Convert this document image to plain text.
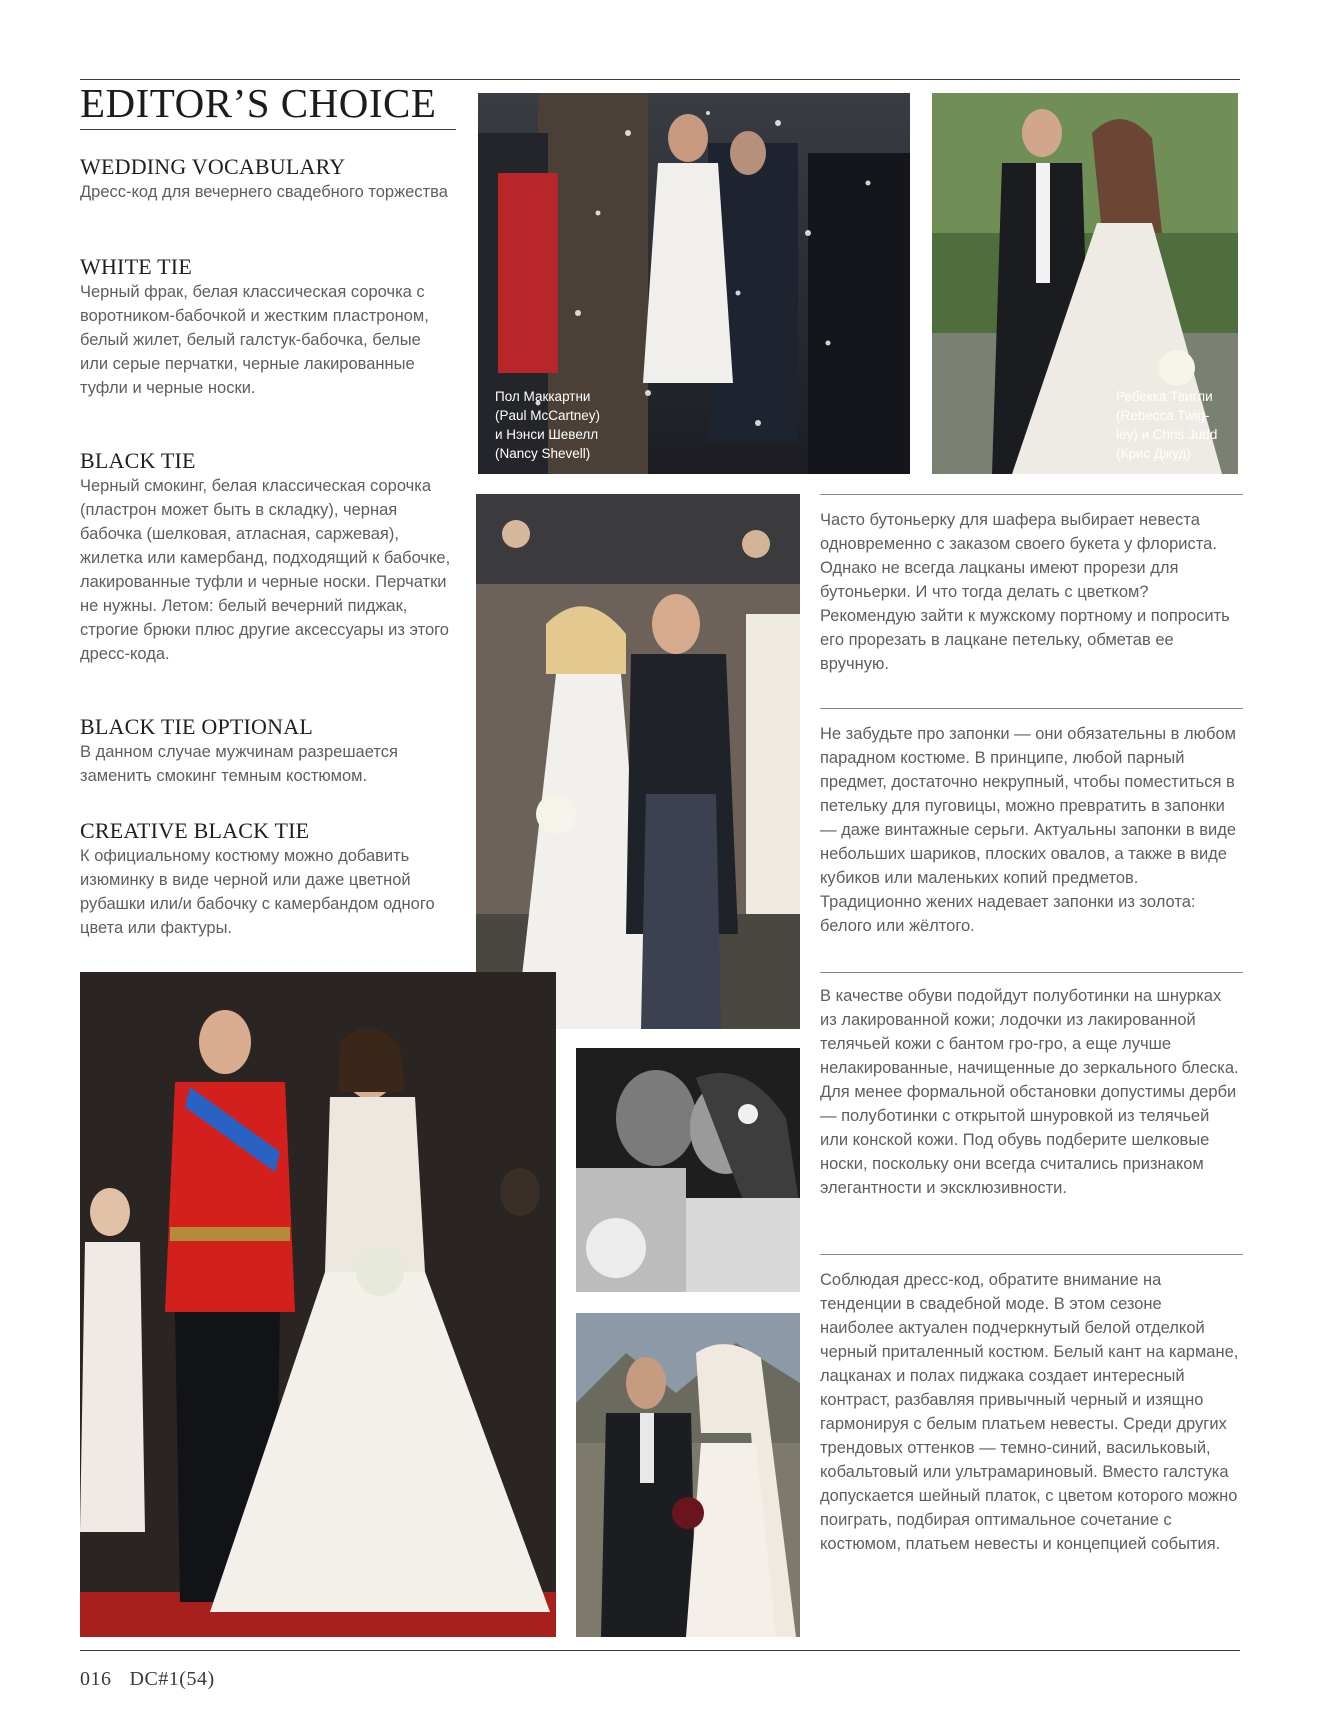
EDITOR’S CHOICE
WEDDING VOCABULARY

Дресс-код для вечернего свадебного торжества

WHITE TIE

Черный фрак, белая классическая сорочка с воротником-бабочкой и жестким пластроном, белый жилет, белый галстук-бабочка, белые или серые перчатки, черные лакированные туфли и черные носки.

BLACK TIE

Черный смокинг, белая классическая сорочка (пластрон может быть в складку), черная бабочка (шелковая, атласная, саржевая), жилетка или камербанд, подходящий к бабочке, лакированные туфли и черные носки. Перчатки не нужны. Летом: белый вечерний пиджак, строгие брюки плюс другие аксессуары из этого дресс-кода.

BLACK TIE OPTIONAL

В данном случае мужчинам разрешается заменить смокинг темным костюмом.

CREATIVE BLACK TIE

К официальному костюму можно добавить изюминку в виде черной или даже цветной рубашки или/и бабочку с камербандом одного цвета или фактуры.

Пол Маккартни
(Paul McCartney)
и Нэнси Шевелл
(Nancy Shevell)
Ребекка Твигли
(Rebecca Twig-
ley) и Chris Judd
(Крис Джуд)

Часто бутоньерку для шафера выбирает невеста одновременно с заказом своего букета у флориста. Однако не всегда лацканы имеют прорези для бутоньерки. И что тогда делать с цветком? Рекомендую зайти к мужскому портному и попросить его прорезать в лацкане петельку, обметав ее вручную.

Не забудьте про запонки — они обязательны в любом парадном костюме. В принципе, любой парный предмет, достаточно некрупный, чтобы поместиться в петельку для пуговицы, можно превратить в запонки — даже винтажные серьги. Актуальны запонки в виде небольших шариков, плоских овалов, а также в виде кубиков или маленьких копий предметов. Традиционно жених надевает запонки из золота: белого или жёлтого.

В качестве обуви подойдут полуботинки на шнурках из лакированной кожи; лодочки из лакированной телячьей кожи с бантом гро-гро, а еще лучше нелакированные, начищенные до зеркального блеска. Для менее формальной обстановки допустимы дерби — полуботинки с открытой шнуровкой из телячьей или конской кожи. Под обувь подберите шелковые носки, поскольку они всегда считались признаком элегантности и эксклюзивности.

Соблюдая дресс-код, обратите внимание на тенденции в свадебной моде. В этом сезоне наиболее актуален подчеркнутый белой отделкой черный приталенный костюм. Белый кант на кармане, лацканах и полах пиджака создает интересный контраст, разбавляя привычный черный и изящно гармонируя с белым платьем невесты. Среди других трендовых оттенков — темно-синий, васильковый, кобальтовый или ультрамариновый. Вместо галстука допускается шейный платок, с цветом которого можно поиграть, подбирая оптимальное сочетание с костюмом, платьем невесты и концепцией события.

016 DC#1(54)
